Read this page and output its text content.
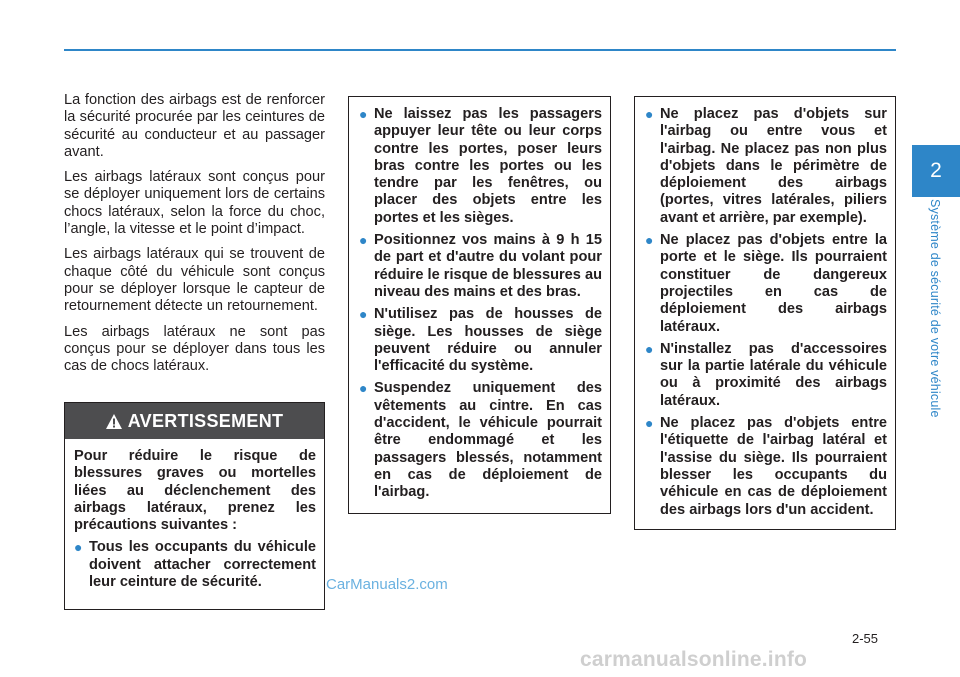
La fonction des airbags est de renforcer la sécurité procurée par les ceintures de sécurité au conducteur et au passager avant.

Les airbags latéraux sont conçus pour se déployer uniquement lors de certains chocs latéraux, selon la force du choc, l’angle, la vitesse et le point d’impact.

Les airbags latéraux qui se trouvent de chaque côté du véhicule sont conçus pour se déployer lorsque le capteur de retournement détecte un retournement.

Les airbags latéraux ne sont pas conçus pour se déployer dans tous les cas de chocs latéraux.

AVERTISSEMENT

Pour réduire le risque de blessures graves ou mortelles liées au déclenchement des airbags latéraux, prenez les précautions suivantes :

● Tous les occupants du véhicule doivent attacher correctement leur ceinture de sécurité.
● Ne laissez pas les passagers appuyer leur tête ou leur corps contre les portes, poser leurs bras contre les portes ou les tendre par les fenêtres, ou placer des objets entre les portes et les sièges.
● Positionnez vos mains à 9 h 15 de part et d'autre du volant pour réduire le risque de blessures au niveau des mains et des bras.
● N'utilisez pas de housses de siège. Les housses de siège peuvent réduire ou annuler l'efficacité du système.
● Suspendez uniquement des vêtements au cintre. En cas d'accident, le véhicule pourrait être endommagé et les passagers blessés, notamment en cas de déploiement de l'airbag.
● Ne placez pas d'objets sur l'airbag ou entre vous et l'airbag. Ne placez pas non plus d'objets dans le périmètre de déploiement des airbags (portes, vitres latérales, piliers avant et arrière, par exemple).
● Ne placez pas d'objets entre la porte et le siège. Ils pourraient constituer de dangereux projectiles en cas de déploiement des airbags latéraux.
● N'installez pas d'accessoires sur la partie latérale du véhicule ou à proximité des airbags latéraux.
● Ne placez pas d'objets entre l'étiquette de l'airbag latéral et l'assise du siège. Ils pourraient blesser les occupants du véhicule en cas de déploiement des airbags lors d'un accident.
2
Système de sécurité de votre véhicule
2-55
CarManuals2.com
carmanualsonline.info
